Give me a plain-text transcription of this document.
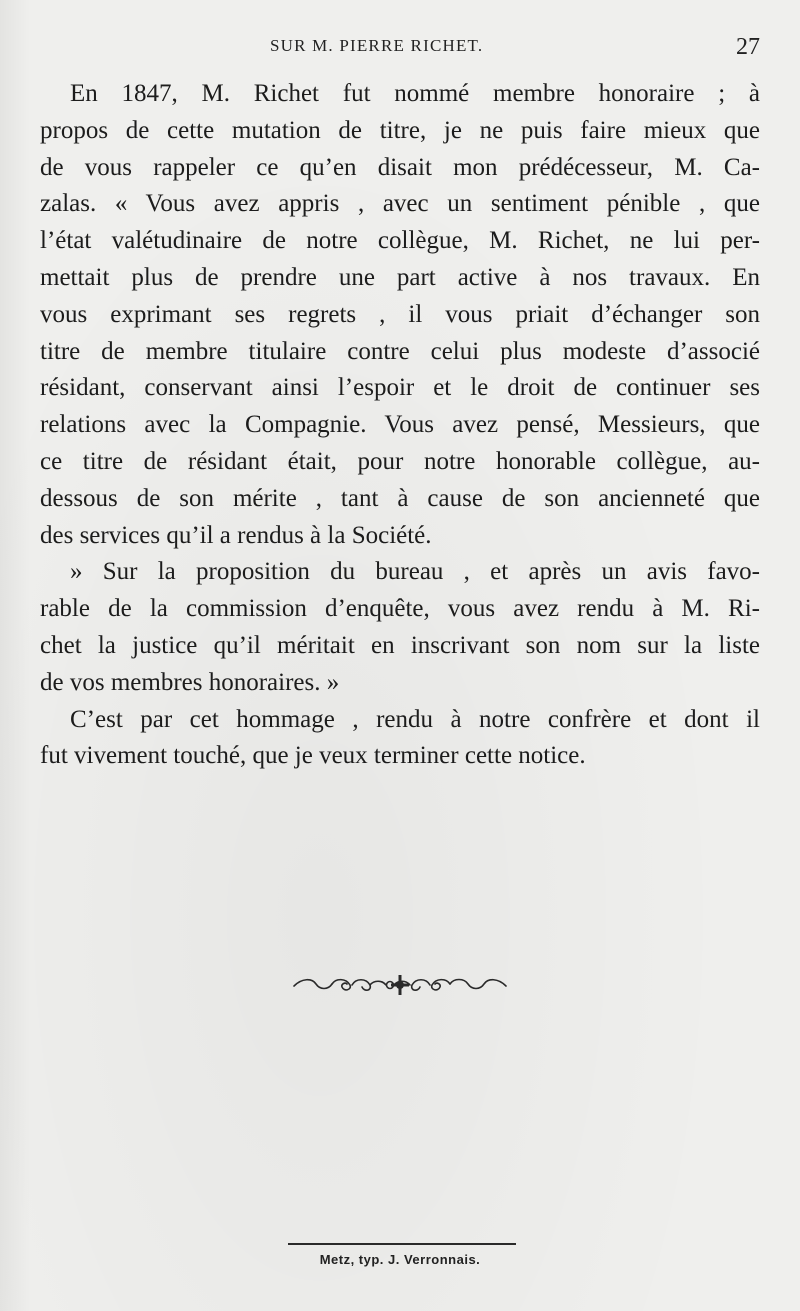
SUR M. PIERRE RICHET.	27
En 1847, M. Richet fut nommé membre honoraire ; à
propos de cette mutation de titre, je ne puis faire mieux que
de vous rappeler ce qu’en disait mon prédécesseur, M. Ca-
zalas. « Vous avez appris , avec un sentiment pénible , que
l’état valétudinaire de notre collègue, M. Richet, ne lui per-
mettait plus de prendre une part active à nos travaux. En
vous exprimant ses regrets , il vous priait d’échanger son
titre de membre titulaire contre celui plus modeste d’associé
résidant, conservant ainsi l’espoir et le droit de continuer ses
relations avec la Compagnie. Vous avez pensé, Messieurs, que
ce titre de résidant était, pour notre honorable collègue, au-
dessous de son mérite , tant à cause de son ancienneté que
des services qu’il a rendus à la Société.
» Sur la proposition du bureau , et après un avis favo-
rable de la commission d’enquête, vous avez rendu à M. Ri-
chet la justice qu’il méritait en inscrivant son nom sur la liste
de vos membres honoraires. »
C’est par cet hommage , rendu à notre confrère et dont il
fut vivement touché, que je veux terminer cette notice.
Metz, typ. J. Verronnais.
